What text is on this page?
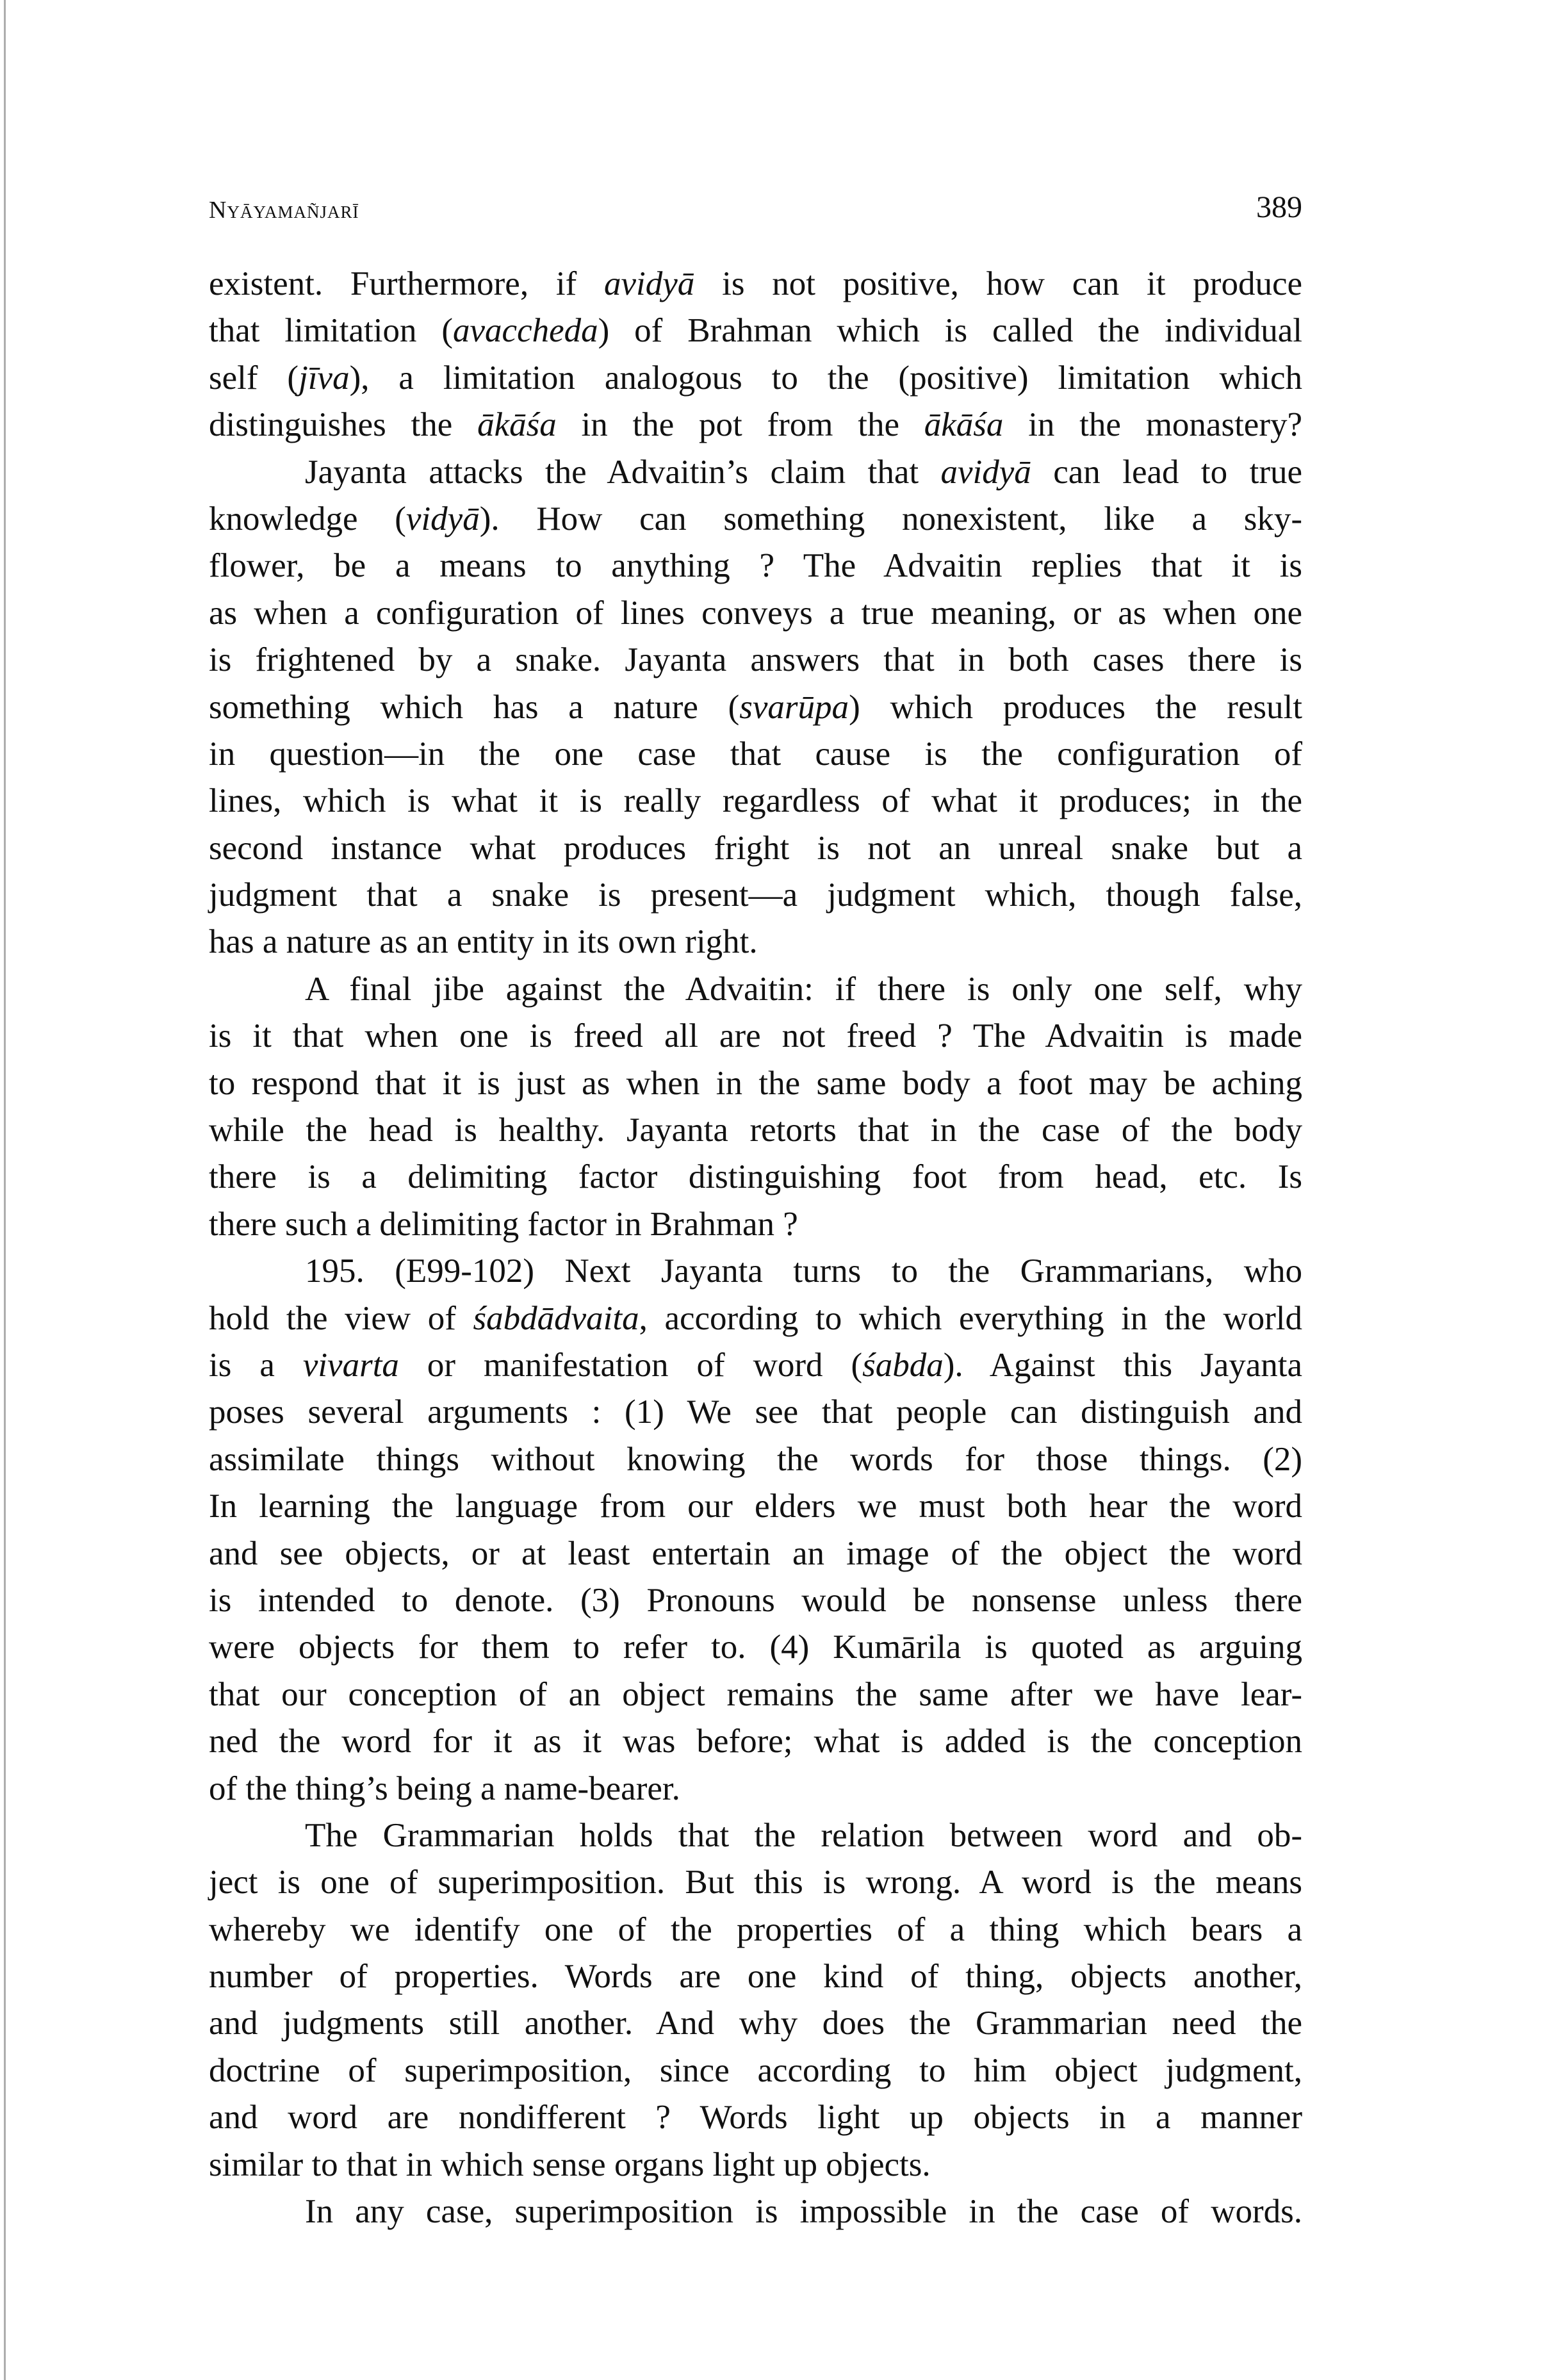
Nyāyamañjarī	389
existent. Furthermore, if avidyā is not positive, how can it produce
that limitation (avaccheda) of Brahman which is called the individual
self (jīva), a limitation analogous to the (positive) limitation which
distinguishes the ākāśa in the pot from the ākāśa in the monastery?
Jayanta attacks the Advaitin’s claim that avidyā can lead to true
knowledge (vidyā). How can something nonexistent, like a sky-
flower, be a means to anything ? The Advaitin replies that it is
as when a configuration of lines conveys a true meaning, or as when one
is frightened by a snake. Jayanta answers that in both cases there is
something which has a nature (svarūpa) which produces the result
in question—in the one case that cause is the configuration of
lines, which is what it is really regardless of what it produces; in the
second instance what produces fright is not an unreal snake but a
judgment that a snake is present—a judgment which, though false,
has a nature as an entity in its own right.
A final jibe against the Advaitin: if there is only one self, why
is it that when one is freed all are not freed ? The Advaitin is made
to respond that it is just as when in the same body a foot may be aching
while the head is healthy. Jayanta retorts that in the case of the body
there is a delimiting factor distinguishing foot from head, etc. Is
there such a delimiting factor in Brahman ?
195. (E99-102) Next Jayanta turns to the Grammarians, who
hold the view of śabdādvaita, according to which everything in the world
is a vivarta or manifestation of word (śabda). Against this Jayanta
poses several arguments : (1) We see that people can distinguish and
assimilate things without knowing the words for those things. (2)
In learning the language from our elders we must both hear the word
and see objects, or at least entertain an image of the object the word
is intended to denote. (3) Pronouns would be nonsense unless there
were objects for them to refer to. (4) Kumārila is quoted as arguing
that our conception of an object remains the same after we have lear-
ned the word for it as it was before; what is added is the conception
of the thing’s being a name-bearer.
The Grammarian holds that the relation between word and ob-
ject is one of superimposition. But this is wrong. A word is the means
whereby we identify one of the properties of a thing which bears a
number of properties. Words are one kind of thing, objects another,
and judgments still another. And why does the Grammarian need the
doctrine of superimposition, since according to him object judgment,
and word are nondifferent ? Words light up objects in a manner
similar to that in which sense organs light up objects.
In any case, superimposition is impossible in the case of words.
